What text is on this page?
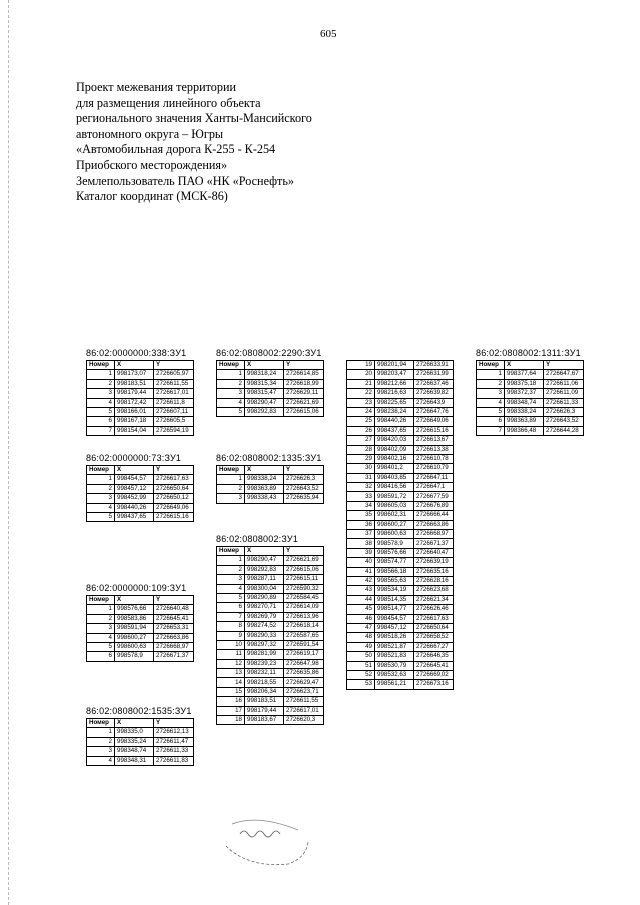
605
Проект межевания территории
для размещения линейного объекта
регионального значения Ханты-Мансийского
автономного округа – Югры
«Автомобильная дорога К-255 - К-254
Приобского месторождения»
Землепользователь ПАО «НК «Роснефть»
Каталог координат (МСК-86)
86:02:0000000:338:ЗУ1
Номер	X	Y
1	998173,07	2726605,97
2	998183,51	2726611,55
3	998179,44	2726617,01
4	998172,42	2726611,8
5	998166,01	2726607,11
6	998167,18	2726605,5
7	998154,04	2726594,19
86:02:0000000:73:ЗУ1
Номер	X	Y
1	998454,57	2726617,63
2	998457,12	2726650,64
3	998452,99	2726650,12
4	998440,26	2726649,06
5	998437,65	2726615,16
86:02:0000000:109:ЗУ1
Номер	X	Y
1	998576,66	2726640,48
2	998583,86	2726645,41
3	998591,94	2726653,31
4	998600,27	2726663,86
5	998600,63	2726668,97
6	998578,9	2726671,37
86:02:0808002:1535:ЗУ1
Номер	X	Y
1	998335,0	2726612,13
2	998335,24	2726611,47
3	998348,74	2726611,33
4	998348,31	2726611,83
86:02:0808002:2290:ЗУ1
Номер	X	Y
1	998318,24	2726614,85
2	998315,34	2726618,99
3	998315,47	2726629,11
4	998290,47	2726621,69
5	998292,83	2726615,06
86:02:0808002:1335:ЗУ1
Номер	X	Y
1	998338,24	2726626,3
2	998363,89	2726643,52
3	998338,43	2726635,94
86:02:0808002:ЗУ1
Номер	X	Y
1	998290,47	2726621,69
2	998292,83	2726615,06
3	998287,11	2726615,11
4	998300,04	2726590,32
5	998290,89	2726584,45
6	998270,71	2726614,09
7	998269,79	2726613,96
8	998274,52	2726618,14
9	998290,33	2726587,65
10	998297,32	2726591,54
11	998281,99	2726619,17
12	998239,23	2726647,98
13	998232,11	2726635,86
14	998218,55	2726629,47
15	998206,34	2726623,71
16	998183,51	2726611,55
17	998179,44	2726617,01
18	998183,67	2726620,3
19	998201,94	2726633,91
20	998203,47	2726631,99
21	998212,66	2726637,46
22	998216,63	2726639,82
23	998225,65	2726643,9
24	998238,24	2726647,76
25	998440,26	2726649,06
26	998437,65	2726615,16
27	998420,03	2726613,67
28	998402,09	2726613,38
29	998402,16	2726610,78
30	998401,2	2726610,79
31	998403,85	2726647,11
32	998416,56	2726647,1
33	998591,72	2726677,59
34	998605,03	2726676,89
35	998602,31	2726666,44
36	998600,27	2726663,86
37	998600,63	2726668,97
38	998578,9	2726671,37
39	998576,66	2726640,47
40	998574,77	2726639,19
41	998566,18	2726635,16
42	998565,63	2726628,16
43	998534,19	2726623,68
44	998514,35	2726621,34
45	998514,77	2726626,46
46	998454,57	2726617,63
47	998457,12	2726650,64
48	998518,26	2726658,52
49	998521,87	2726667,27
50	998521,83	2726646,35
51	998530,79	2726645,41
52	998532,63	2726669,02
53	998561,21	2726673,16
86:02:0808002:1311:ЗУ1
Номер	X	Y
1	998377,64	2726647,67
2	998375,18	2726611,06
3	998372,37	2726611,09
4	998348,74	2726611,33
5	998338,24	2726626,3
6	998363,89	2726643,52
7	998366,48	2726644,28
